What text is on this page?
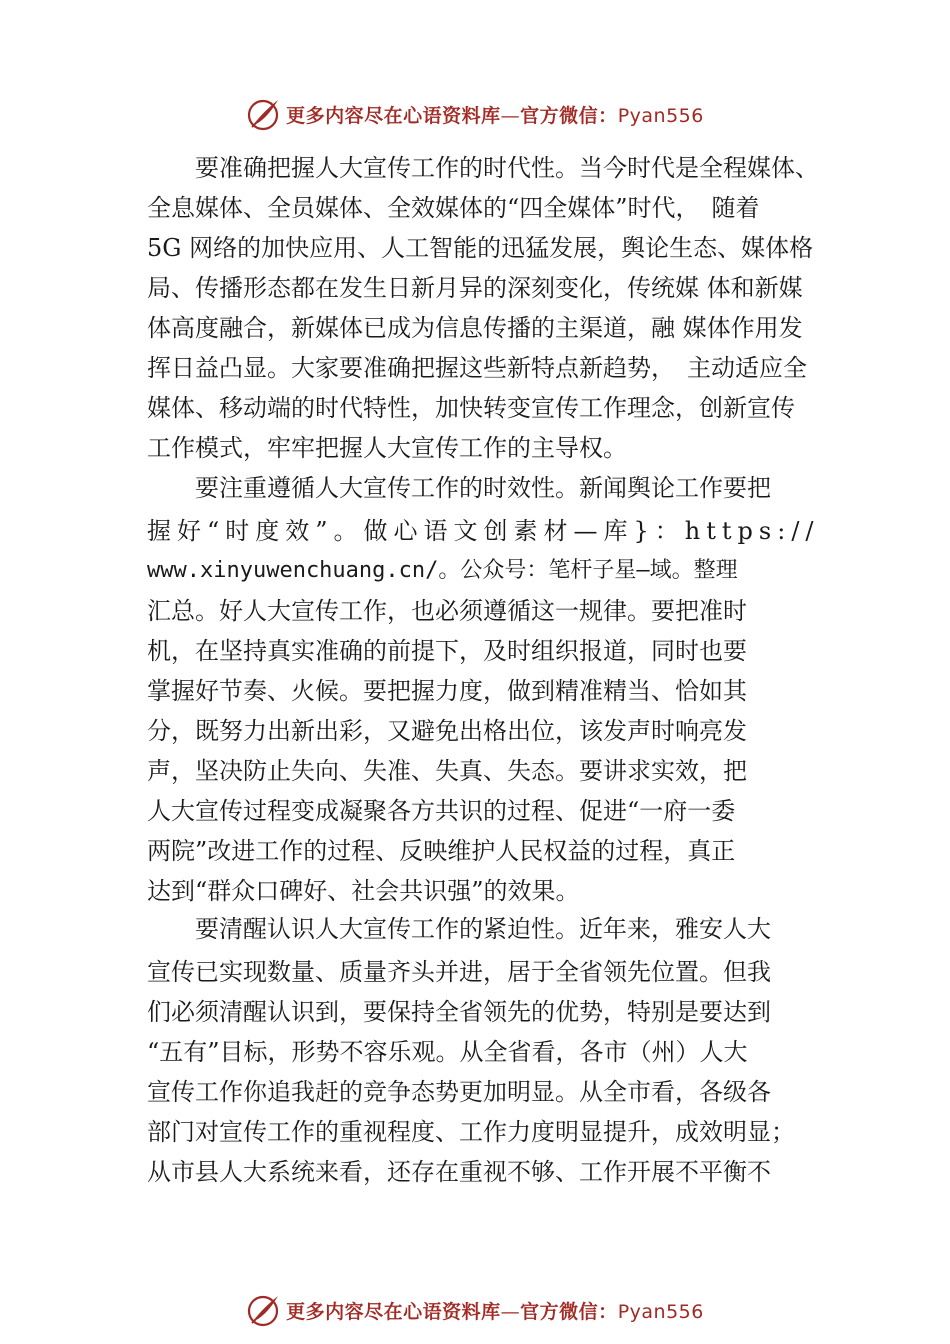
更多内容尽在心语资料库—官方微信：Pyan556
要准确把握人大宣传工作的时代性。当今时代是全程媒体、
全息媒体、全员媒体、全效媒体的“四全媒体”时代，　随着
5G 网络的加快应用、人工智能的迅猛发展，舆论生态、媒体格
局、传播形态都在发生日新月异的深刻变化，传统媒 体和新媒
体高度融合，新媒体已成为信息传播的主渠道，融 媒体作用发
挥日益凸显。大家要准确把握这些新特点新趋势，　主动适应全
媒体、移动端的时代特性，加快转变宣传工作理念，创新宣传
工作模式，牢牢把握人大宣传工作的主导权。
要注重遵循人大宣传工作的时效性。新闻舆论工作要把
握好“时度效”。做心语文创素材—库}：https://
www.xinyuwenchuang.cn/。公众号：笔杆子星—域。整理
汇总。好人大宣传工作，也必须遵循这一规律。要把准时
机，在坚持真实准确的前提下，及时组织报道，同时也要
掌握好节奏、火候。要把握力度，做到精准精当、恰如其
分，既努力出新出彩，又避免出格出位，该发声时响亮发
声，坚决防止失向、失准、失真、失态。要讲求实效，把
人大宣传过程变成凝聚各方共识的过程、促进“一府一委
两院”改进工作的过程、反映维护人民权益的过程，真正
达到“群众口碑好、社会共识强”的效果。
要清醒认识人大宣传工作的紧迫性。近年来，雅安人大
宣传已实现数量、质量齐头并进，居于全省领先位置。但我
们必须清醒认识到，要保持全省领先的优势，特别是要达到
“五有”目标，形势不容乐观。从全省看，各市（州）人大
宣传工作你追我赶的竞争态势更加明显。从全市看，各级各
部门对宣传工作的重视程度、工作力度明显提升，成效明显；
从市县人大系统来看，还存在重视不够、工作开展不平衡不
更多内容尽在心语资料库—官方微信：Pyan556
